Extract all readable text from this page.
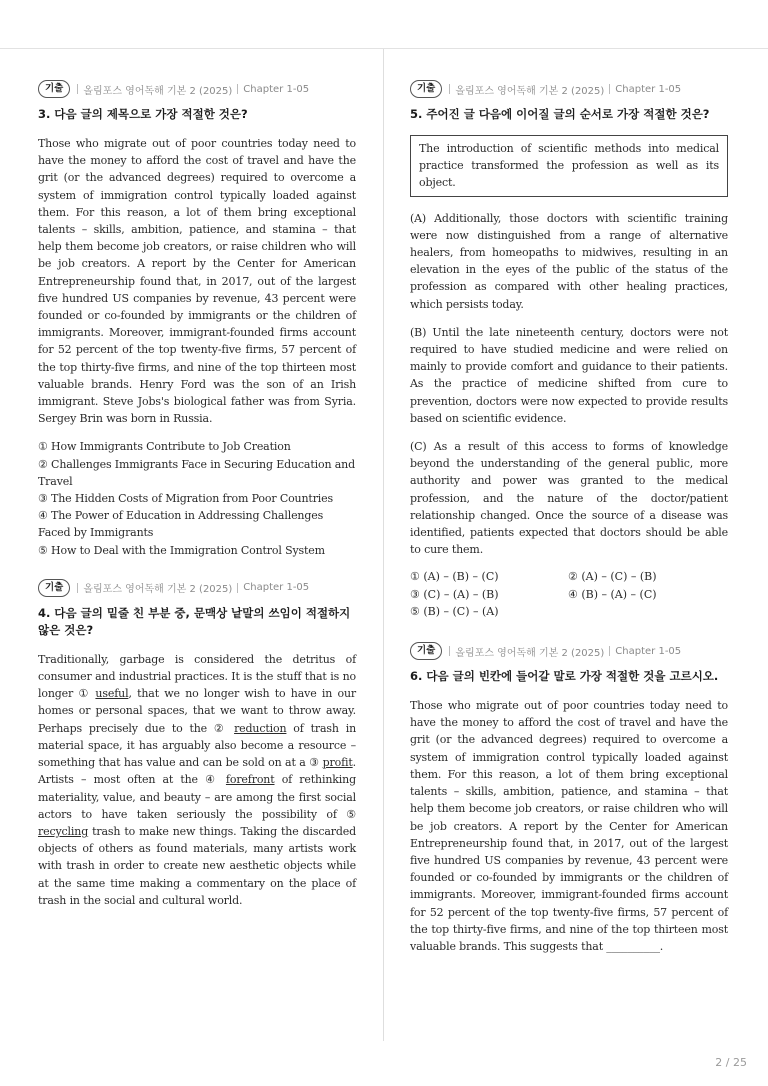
기출	올림포스 영어독해 기본 2 (2025) Chapter 1-05
3. 다음 글의 제목으로 가장 적절한 것은?

Those who migrate out of poor countries today need to have the money to afford the cost of travel and have the grit (or the advanced degrees) required to overcome a system of immigration control typically loaded against them. For this reason, a lot of them bring exceptional talents – skills, ambition, patience, and stamina – that help them become job creators, or raise children who will be job creators. A report by the Center for American Entrepreneurship found that, in 2017, out of the largest five hundred US companies by revenue, 43 percent were founded or co-founded by immigrants or the children of immigrants. Moreover, immigrant-founded firms account for 52 percent of the top twenty-five firms, 57 percent of the top thirty-five firms, and nine of the top thirteen most valuable brands. Henry Ford was the son of an Irish immigrant. Steve Jobs's biological father was from Syria. Sergey Brin was born in Russia.

① How Immigrants Contribute to Job Creation
② Challenges Immigrants Face in Securing Education and Travel
③ The Hidden Costs of Migration from Poor Countries
④ The Power of Education in Addressing Challenges Faced by Immigrants
⑤ How to Deal with the Immigration Control System
기출	올림포스 영어독해 기본 2 (2025) Chapter 1-05
4. 다음 글의 밑줄 친 부분 중, 문맥상 낱말의 쓰임이 적절하지 않은 것은?

Traditionally, garbage is considered the detritus of consumer and industrial practices. It is the stuff that is no longer ① useful, that we no longer wish to have in our homes or personal spaces, that we want to throw away. Perhaps precisely due to the ② reduction of trash in material space, it has arguably also become a resource – something that has value and can be sold on at a ③ profit. Artists – most often at the ④ forefront of rethinking materiality, value, and beauty – are among the first social actors to have taken seriously the possibility of ⑤ recycling trash to make new things. Taking the discarded objects of others as found materials, many artists work with trash in order to create new aesthetic objects while at the same time making a commentary on the place of trash in the social and cultural world.

기출	올림포스 영어독해 기본 2 (2025) Chapter 1-05
5. 주어진 글 다음에 이어질 글의 순서로 가장 적절한 것은?
The introduction of scientific methods into medical practice transformed the profession as well as its object.

(A) Additionally, those doctors with scientific training were now distinguished from a range of alternative healers, from homeopaths to midwives, resulting in an elevation in the eyes of the public of the status of the profession as compared with other healing practices, which persists today.

(B) Until the late nineteenth century, doctors were not required to have studied medicine and were relied on mainly to provide comfort and guidance to their patients. As the practice of medicine shifted from cure to prevention, doctors were now expected to provide results based on scientific evidence.

(C) As a result of this access to forms of knowledge beyond the understanding of the general public, more authority and power was granted to the medical profession, and the nature of the doctor/patient relationship changed. Once the source of a disease was identified, patients expected that doctors should be able to cure them.

① (A) – (B) – (C)	② (A) – (C) – (B)
③ (C) – (A) – (B)	④ (B) – (A) – (C)
⑤ (B) – (C) – (A)
기출	올림포스 영어독해 기본 2 (2025) Chapter 1-05
6. 다음 글의 빈칸에 들어갈 말로 가장 적절한 것을 고르시오.

Those who migrate out of poor countries today need to have the money to afford the cost of travel and have the grit (or the advanced degrees) required to overcome a system of immigration control typically loaded against them. For this reason, a lot of them bring exceptional talents – skills, ambition, patience, and stamina – that help them become job creators, or raise children who will be job creators. A report by the Center for American Entrepreneurship found that, in 2017, out of the largest five hundred US companies by revenue, 43 percent were founded or co-founded by immigrants or the children of immigrants. Moreover, immigrant-founded firms account for 52 percent of the top twenty-five firms, 57 percent of the top thirty-five firms, and nine of the top thirteen most valuable brands. This suggests that __________.

2 / 25
